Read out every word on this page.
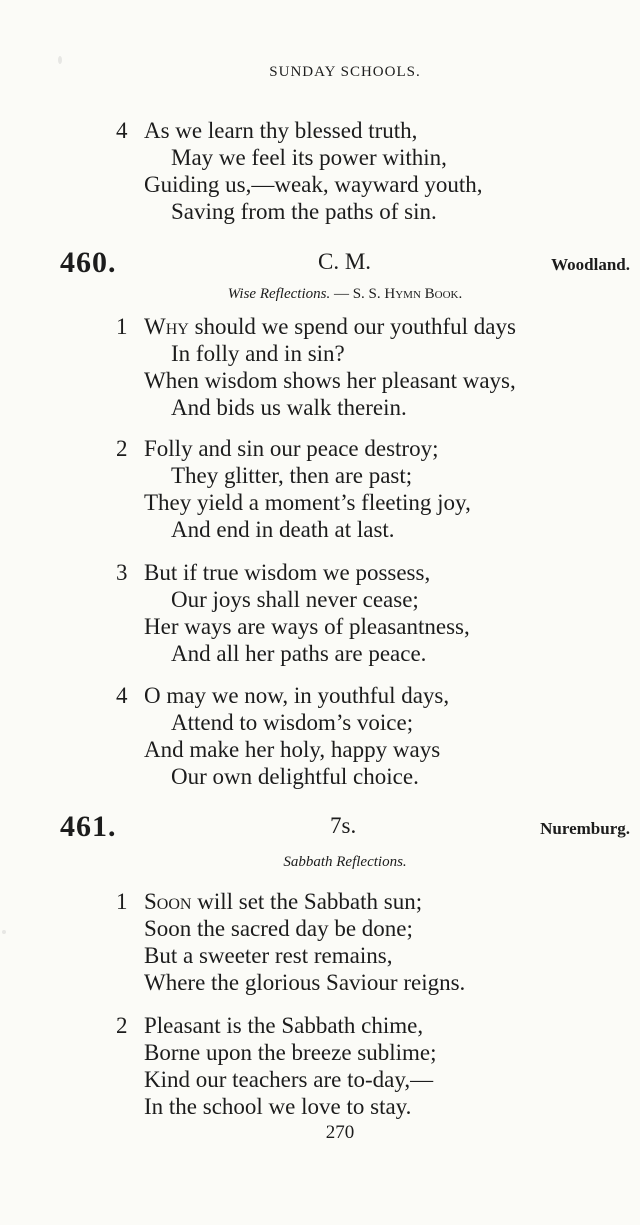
SUNDAY SCHOOLS.
4 As we learn thy blessed truth,
May we feel its power within,
Guiding us,—weak, wayward youth,
Saving from the paths of sin.
460.	C. M.	Woodland.
Wise Reflections. — S. S. Hymn Book.
1 Why should we spend our youthful days
In folly and in sin?
When wisdom shows her pleasant ways,
And bids us walk therein.
2 Folly and sin our peace destroy;
They glitter, then are past;
They yield a moment’s fleeting joy,
And end in death at last.
3 But if true wisdom we possess,
Our joys shall never cease;
Her ways are ways of pleasantness,
And all her paths are peace.
4 O may we now, in youthful days,
Attend to wisdom’s voice;
And make her holy, happy ways
Our own delightful choice.
461.	7s.	Nuremburg.
Sabbath Reflections.
1 Soon will set the Sabbath sun;
Soon the sacred day be done;
But a sweeter rest remains,
Where the glorious Saviour reigns.
2 Pleasant is the Sabbath chime,
Borne upon the breeze sublime;
Kind our teachers are to-day,—
In the school we love to stay.
270
